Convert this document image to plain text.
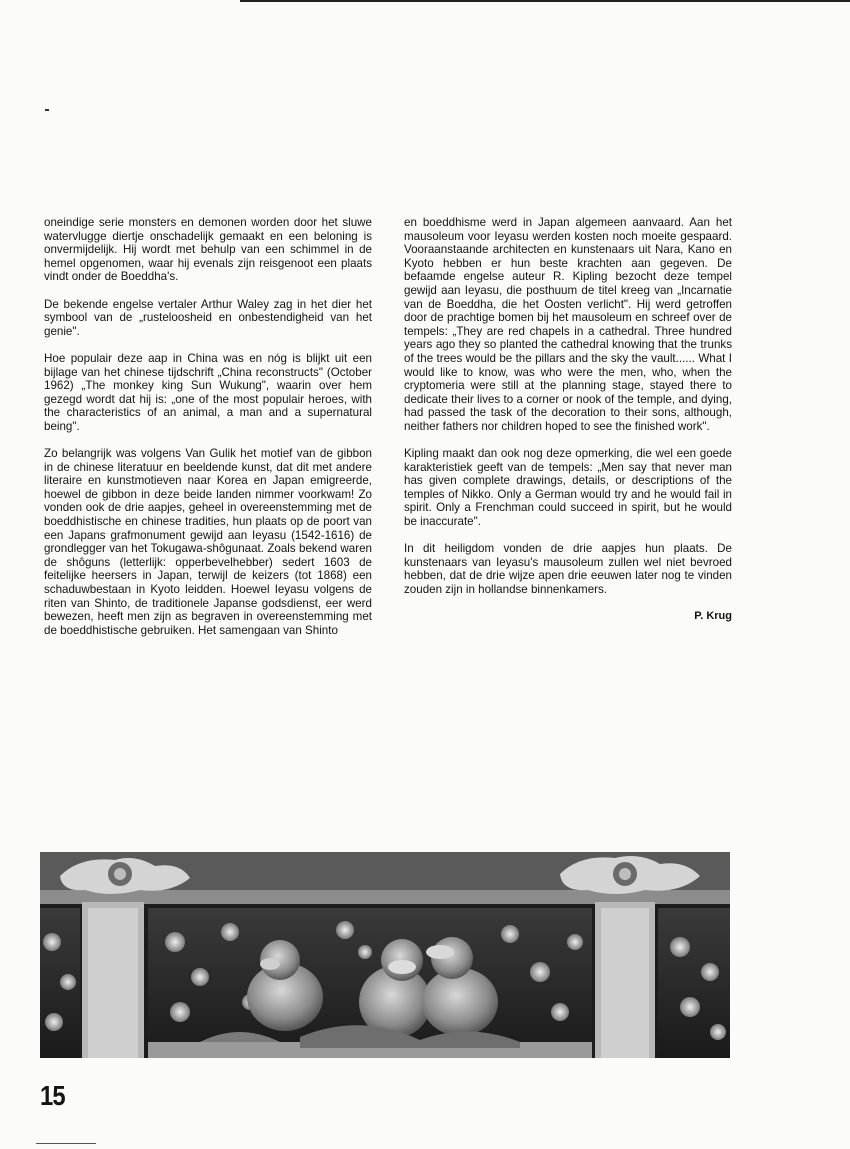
oneindige serie monsters en demonen worden door het sluwe watervlugge diertje onschadelijk gemaakt en een beloning is onvermijdelijk. Hij wordt met behulp van een schimmel in de hemel opgenomen, waar hij evenals zijn reisgenoot een plaats vindt onder de Boeddha's.

De bekende engelse vertaler Arthur Waley zag in het dier het symbool van de „rusteloosheid en onbestendigheid van het genie".

Hoe populair deze aap in China was en nóg is blijkt uit een bijlage van het chinese tijdschrift „China reconstructs" (October 1962) „The monkey king Sun Wukung", waarin over hem gezegd wordt dat hij is: „one of the most populair heroes, with the characteristics of an animal, a man and a supernatural being".

Zo belangrijk was volgens Van Gulik het motief van de gibbon in de chinese literatuur en beeldende kunst, dat dit met andere literaire en kunstmotieven naar Korea en Japan emigreerde, hoewel de gibbon in deze beide landen nimmer voorkwam! Zo vonden ook de drie aapjes, geheel in overeenstemming met de boeddhistische en chinese tradities, hun plaats op de poort van een Japans grafmonument gewijd aan Ieyasu (1542-1616) de grondlegger van het Tokugawa-shôgunaat. Zoals bekend waren de shôguns (letterlijk: opperbevelhebber) sedert 1603 de feitelijke heersers in Japan, terwijl de keizers (tot 1868) een schaduwbestaan in Kyoto leidden. Hoewel Ieyasu volgens de riten van Shinto, de traditionele Japanse godsdienst, eer werd bewezen, heeft men zijn as begraven in overeenstemming met de boeddhistische gebruiken. Het samengaan van Shinto

en boeddhisme werd in Japan algemeen aanvaard. Aan het mausoleum voor Ieyasu werden kosten noch moeite gespaard. Vooraanstaande architecten en kunstenaars uit Nara, Kano en Kyoto hebben er hun beste krachten aan gegeven. De befaamde engelse auteur R. Kipling bezocht deze tempel gewijd aan Ieyasu, die posthuum de titel kreeg van „Incarnatie van de Boeddha, die het Oosten verlicht". Hij werd getroffen door de prachtige bomen bij het mausoleum en schreef over de tempels: „They are red chapels in a cathedral. Three hundred years ago they so planted the cathedral knowing that the trunks of the trees would be the pillars and the sky the vault...... What I would like to know, was who were the men, who, when the cryptomeria were still at the planning stage, stayed there to dedicate their lives to a corner or nook of the temple, and dying, had passed the task of the decoration to their sons, although, neither fathers nor children hoped to see the finished work".

Kipling maakt dan ook nog deze opmerking, die wel een goede karakteristiek geeft van de tempels: „Men say that never man has given complete drawings, details, or descriptions of the temples of Nikko. Only a German would try and he would fail in spirit. Only a Frenchman could succeed in spirit, but he would be inaccurate".

In dit heiligdom vonden de drie aapjes hun plaats. De kunstenaars van Ieyasu's mausoleum zullen wel niet bevroed hebben, dat de drie wijze apen drie eeuwen later nog te vinden zouden zijn in hollandse binnenkamers.

P. Krug
15
